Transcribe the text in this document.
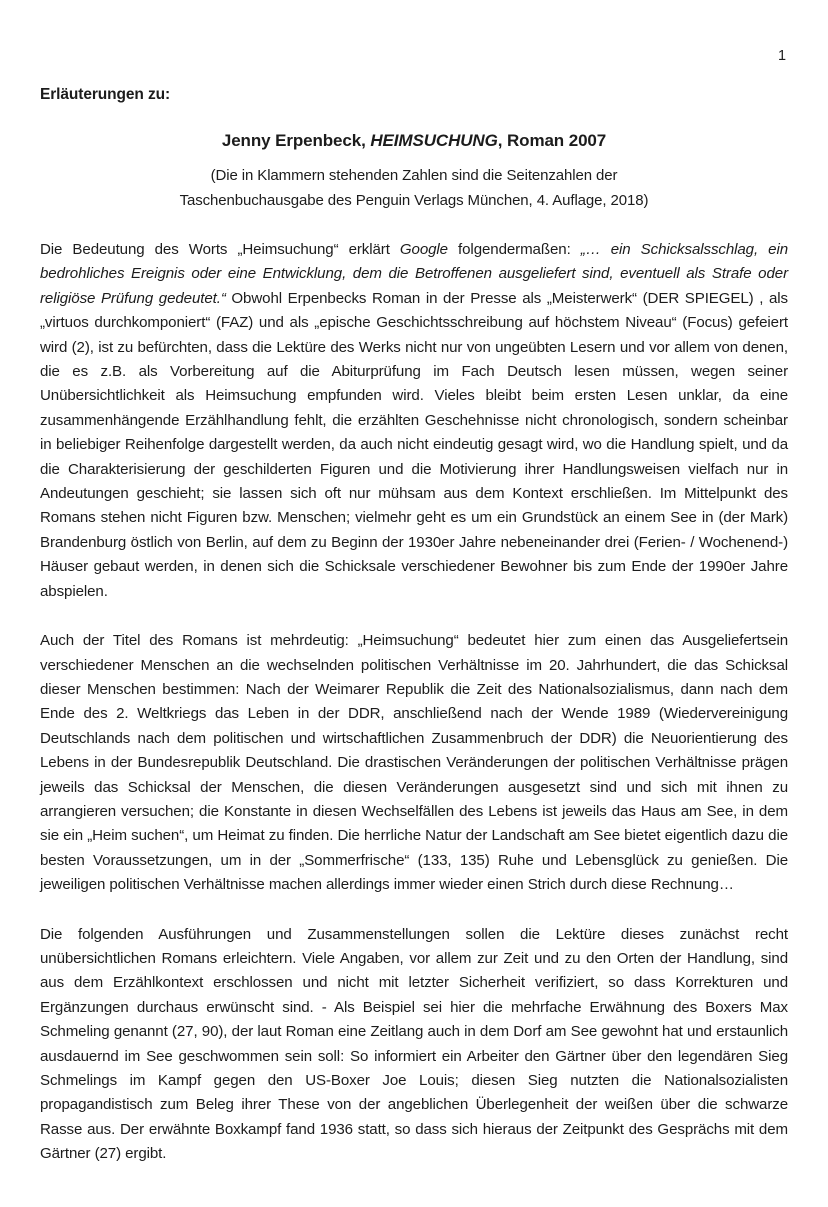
1
Erläuterungen zu:
Jenny Erpenbeck, HEIMSUCHUNG, Roman 2007
(Die in Klammern stehenden Zahlen sind die Seitenzahlen der
Taschenbuchausgabe des Penguin Verlags München, 4. Auflage, 2018)

Die Bedeutung des Worts „Heimsuchung“ erklärt Google folgendermaßen: „… ein Schicksalsschlag, ein bedrohliches Ereignis oder eine Entwicklung, dem die Betroffenen ausgeliefert sind, eventuell als Strafe oder religiöse Prüfung gedeutet.“ Obwohl Erpenbecks Roman in der Presse als „Meisterwerk“ (DER SPIEGEL) , als „virtuos durchkomponiert“ (FAZ) und als „epische Geschichtsschreibung auf höchstem Niveau“ (Focus) gefeiert wird (2), ist zu befürchten, dass die Lektüre des Werks nicht nur von ungeübten Lesern und vor allem von denen, die es z.B. als Vorbereitung auf die Abiturprüfung im Fach Deutsch lesen müssen, wegen seiner Unübersichtlichkeit als Heimsuchung empfunden wird. Vieles bleibt beim ersten Lesen unklar, da eine zusammenhängende Erzählhandlung fehlt, die erzählten Geschehnisse nicht chronologisch, sondern scheinbar in beliebiger Reihenfolge dargestellt werden, da auch nicht eindeutig gesagt wird, wo die Handlung spielt, und da die Charakterisierung der geschilderten Figuren und die Motivierung ihrer Handlungsweisen vielfach nur in Andeutungen geschieht; sie lassen sich oft nur mühsam aus dem Kontext erschließen. Im Mittelpunkt des Romans stehen nicht Figuren bzw. Menschen; vielmehr geht es um ein Grundstück an einem See in (der Mark) Brandenburg östlich von Berlin, auf dem zu Beginn der 1930er Jahre nebeneinander drei (Ferien- / Wochenend-) Häuser gebaut werden, in denen sich die Schicksale verschiedener Bewohner bis zum Ende der 1990er Jahre abspielen.

Auch der Titel des Romans ist mehrdeutig: „Heimsuchung“ bedeutet hier zum einen das Ausgeliefertsein verschiedener Menschen an die wechselnden politischen Verhältnisse im 20. Jahrhundert, die das Schicksal dieser Menschen bestimmen: Nach der Weimarer Republik die Zeit des Nationalsozialismus, dann nach dem Ende des 2. Weltkriegs das Leben in der DDR, anschließend nach der Wende 1989 (Wiedervereinigung Deutschlands nach dem politischen und wirtschaftlichen Zusammenbruch der DDR) die Neuorientierung des Lebens in der Bundesrepublik Deutschland. Die drastischen Veränderungen der politischen Verhältnisse prägen jeweils das Schicksal der Menschen, die diesen Veränderungen ausgesetzt sind und sich mit ihnen zu arrangieren versuchen; die Konstante in diesen Wechselfällen des Lebens ist jeweils das Haus am See, in dem sie ein „Heim suchen“, um Heimat zu finden. Die herrliche Natur der Landschaft am See bietet eigentlich dazu die besten Voraussetzungen, um in der „Sommerfrische“ (133, 135) Ruhe und Lebensglück zu genießen. Die jeweiligen politischen Verhältnisse machen allerdings immer wieder einen Strich durch diese Rechnung…

Die folgenden Ausführungen und Zusammenstellungen sollen die Lektüre dieses zunächst recht unübersichtlichen Romans erleichtern. Viele Angaben, vor allem zur Zeit und zu den Orten der Handlung, sind aus dem Erzählkontext erschlossen und nicht mit letzter Sicherheit verifiziert, so dass Korrekturen und Ergänzungen durchaus erwünscht sind. - Als Beispiel sei hier die mehrfache Erwähnung des Boxers Max Schmeling genannt (27, 90), der laut Roman eine Zeitlang auch in dem Dorf am See gewohnt hat und erstaunlich ausdauernd im See geschwommen sein soll: So informiert ein Arbeiter den Gärtner über den legendären Sieg Schmelings im Kampf gegen den US-Boxer Joe Louis; diesen Sieg nutzten die Nationalsozialisten propagandistisch zum Beleg ihrer These von der angeblichen Überlegenheit der weißen über die schwarze Rasse aus. Der erwähnte Boxkampf fand 1936 statt, so dass sich hieraus der Zeitpunkt des Gesprächs mit dem Gärtner (27) ergibt.
